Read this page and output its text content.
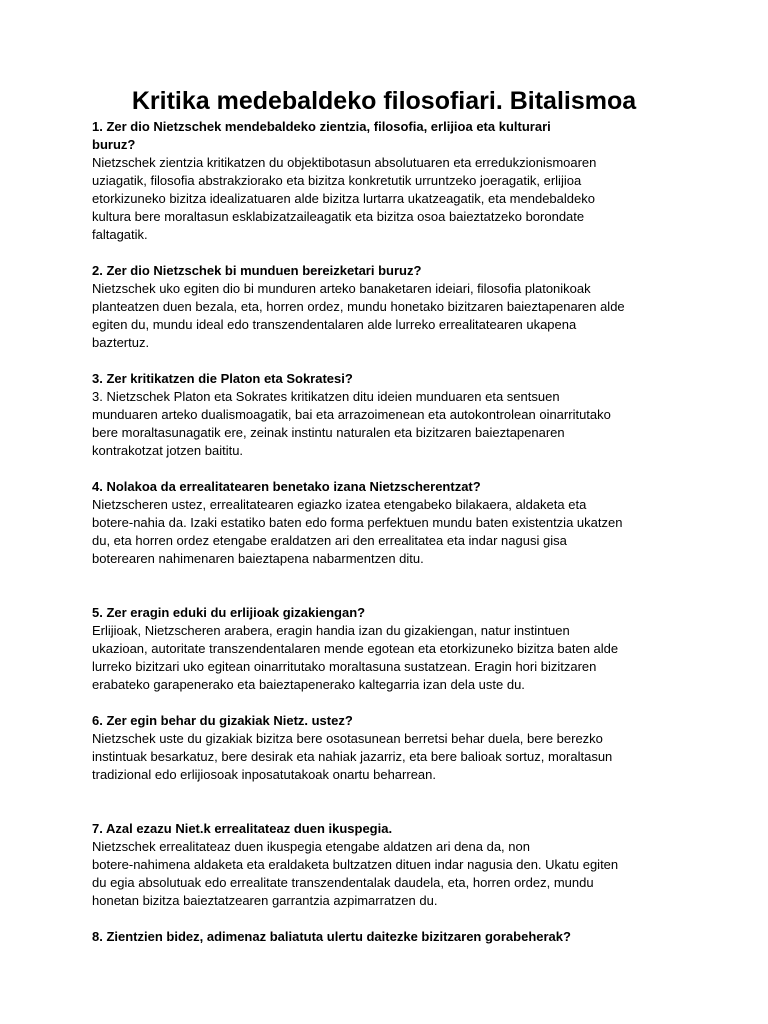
Kritika medebaldeko filosofiari. Bitalismoa

1. Zer dio Nietzschek mendebaldeko zientzia, filosofia, erlijioa eta kulturari
buruz?

Nietzschek zientzia kritikatzen du objektibotasun absolutuaren eta erredukzionismoaren
uziagatik, filosofia abstrakziorako eta bizitza konkretutik urruntzeko joeragatik, erlijioa
etorkizuneko bizitza idealizatuaren alde bizitza lurtarra ukatzeagatik, eta mendebaldeko
kultura bere moraltasun esklabizatzaileagatik eta bizitza osoa baieztatzeko borondate
faltagatik.

2. Zer dio Nietzschek bi munduen bereizketari buruz?

Nietzschek uko egiten dio bi munduren arteko banaketaren ideiari, filosofia platonikoak
planteatzen duen bezala, eta, horren ordez, mundu honetako bizitzaren baieztapenaren alde
egiten du, mundu ideal edo transzendentalaren alde lurreko errealitatearen ukapena
baztertuz.

3. Zer kritikatzen die Platon eta Sokratesi?

3. Nietzschek Platon eta Sokrates kritikatzen ditu ideien munduaren eta sentsuen
munduaren arteko dualismoagatik, bai eta arrazoimenean eta autokontrolean oinarritutako
bere moraltasunagatik ere, zeinak instintu naturalen eta bizitzaren baieztapenaren
kontrakotzat jotzen baititu.

4. Nolakoa da errealitatearen benetako izana Nietzscherentzat?

Nietzscheren ustez, errealitatearen egiazko izatea etengabeko bilakaera, aldaketa eta
botere-nahia da. Izaki estatiko baten edo forma perfektuen mundu baten existentzia ukatzen
du, eta horren ordez etengabe eraldatzen ari den errealitatea eta indar nagusi gisa
boterearen nahimenaren baieztapena nabarmentzen ditu.

5. Zer eragin eduki du erlijioak gizakiengan?

Erlijioak, Nietzscheren arabera, eragin handia izan du gizakiengan, natur instintuen
ukazioan, autoritate transzendentalaren mende egotean eta etorkizuneko bizitza baten alde
lurreko bizitzari uko egitean oinarritutako moraltasuna sustatzean. Eragin hori bizitzaren
erabateko garapenerako eta baieztapenerako kaltegarria izan dela uste du.

6. Zer egin behar du gizakiak Nietz. ustez?

Nietzschek uste du gizakiak bizitza bere osotasunean berretsi behar duela, bere berezko
instintuak besarkatuz, bere desirak eta nahiak jazarriz, eta bere balioak sortuz, moraltasun
tradizional edo erlijiosoak inposatutakoak onartu beharrean.

7. Azal ezazu Niet.k errealitateaz duen ikuspegia.

Nietzschek errealitateaz duen ikuspegia etengabe aldatzen ari dena da, non
botere-nahimena aldaketa eta eraldaketa bultzatzen dituen indar nagusia den. Ukatu egiten
du egia absolutuak edo errealitate transzendentalak daudela, eta, horren ordez, mundu
honetan bizitza baieztatzearen garrantzia azpimarratzen du.

8. Zientzien bidez, adimenaz baliatuta ulertu daitezke bizitzaren gorabeherak?
